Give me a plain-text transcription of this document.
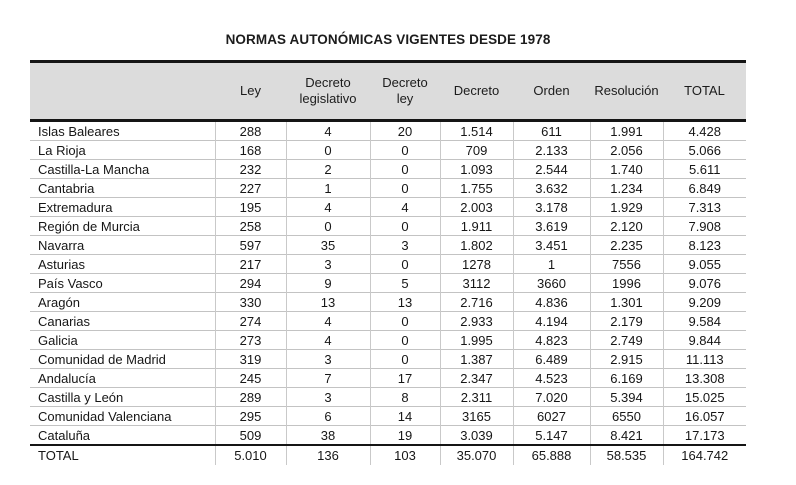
NORMAS AUTONÓMICAS VIGENTES DESDE 1978
	Ley	Decreto legislativo	Decreto ley	Decreto	Orden	Resolución	TOTAL
Islas Baleares	288	4	20	1.514	611	1.991	4.428
La Rioja	168	0	0	709	2.133	2.056	5.066
Castilla-La Mancha	232	2	0	1.093	2.544	1.740	5.611
Cantabria	227	1	0	1.755	3.632	1.234	6.849
Extremadura	195	4	4	2.003	3.178	1.929	7.313
Región de Murcia	258	0	0	1.911	3.619	2.120	7.908
Navarra	597	35	3	1.802	3.451	2.235	8.123
Asturias	217	3	0	1278	1	7556	9.055
País Vasco	294	9	5	3112	3660	1996	9.076
Aragón	330	13	13	2.716	4.836	1.301	9.209
Canarias	274	4	0	2.933	4.194	2.179	9.584
Galicia	273	4	0	1.995	4.823	2.749	9.844
Comunidad de Madrid	319	3	0	1.387	6.489	2.915	11.113
Andalucía	245	7	17	2.347	4.523	6.169	13.308
Castilla y León	289	3	8	2.311	7.020	5.394	15.025
Comunidad Valenciana	295	6	14	3165	6027	6550	16.057
Cataluña	509	38	19	3.039	5.147	8.421	17.173
TOTAL	5.010	136	103	35.070	65.888	58.535	164.742
